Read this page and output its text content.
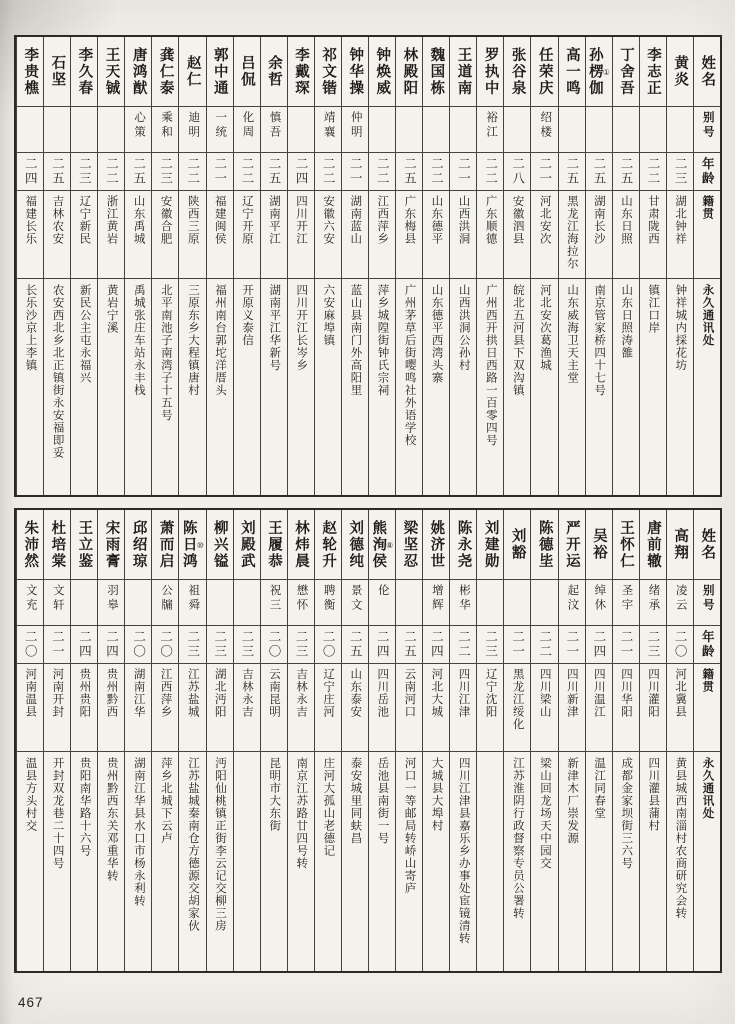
姓名
别号
年龄
籍贯
永久通讯处
黄炎
二三
湖北钟祥
钟祥城内採花坊
李志正
二二
甘肃陇西
镇江口岸
丁舍吾
二五
山东日照
山东日照涛雒
孙楞伽 ①
二五
湖南长沙
南京管家桥四十七号
高一鸣
二五
黑龙江海拉尔
山东威海卫天主堂
任荣庆
绍楼
二一
河北安次
河北安次葛渔城
张谷泉
二八
安徽泗县
皖北五河县下双沟镇
罗执中
裕江
二二
广东顺德
广州西开拱日西路一百零四号
王道南
二一
山西洪洞
山西洪洞公孙村
魏国栋
二二
山东德平
山东德平西湾头寨
林殿阳
二五
广东梅县
广州茅草后街嘤鸣社外语学校
钟焕威
二二
江西萍乡
萍乡城隍街钟氏宗祠
钟华操
仲明
二一
湖南蓝山
蓝山县南门外高阳里
祁文锴
靖襄
二二
安徽六安
六安麻埠镇
李戴琛
二四
四川开江
四川开江长岑乡
余哲
慎吾
二五
湖南平江
湖南平江华新号
吕侃
化周
二二
辽宁开原
开原义泰信
郭中通
一统
二一
福建闽侯
福州南台郭坨洋厝头
赵仁
迪明
二二
陕西三原
三原东乡大程镇唐村
龚仁泰
乘和
二三
安徽合肥
北平南池子南湾子十五号
唐鸿猷
心策
二五
山东禹城
禹城张庄车站永丰栈
王天铖
二二
浙江黄岩
黄岩宁溪
李久春
二三
辽宁新民
新民公主屯永福兴
石坚
二五
吉林农安
农安西北乡北正镇街永安福即妥
李贵樵
二四
福建长乐
长乐沙京上李镇
姓名
别号
年龄
籍贯
永久通讯处
高翔
凌云
二〇
河北冀县
黄县城西南淄村农商研究会转
唐前辙
绪承
二三
四川灌阳
四川灌县蒲村
王怀仁
圣宇
二一
四川华阳
成都金家坝街三六号
吴裕
绰休
二四
四川温江
温江同春堂
严开运
起汶
二一
四川新津
新津木厂崇发源
陈德坒
二二
四川梁山
梁山回龙场天中园交
刘豁
二一
黑龙江绥化
江苏淮阴行政督察专员公署转
刘建勋
二三
辽宁沈阳
陈永尧
彬华
二二
四川江津
四川江津县嘉乐乡办事处宦镜清转
姚济世
增辉
二四
河北大城
大城县大埠村
梁坚忍
二五
云南河口
河口一等邮局转峤山寄庐
熊洵侯 ⑧
伦
二四
四川岳池
岳池县南街一号
刘德纯
景文
二五
山东泰安
泰安城里同蚨昌
赵轮升
聘衡
二〇
辽宁庄河
庄河大孤山老德记
林炜晨
懋怀
二三
吉林永吉
南京江苏路廿四号转
王履恭
祝三
二〇
云南昆明
昆明市大东街
刘殿武
二三
吉林永吉
柳兴镒
二三
湖北沔阳
沔阳仙桃镇正街李云记交柳三房
陈日鸿 ⑩
祖舜
二三
江苏盐城
江苏盐城秦南仓方德源交胡家伙
萧而启
公牖
二〇
江西萍乡
萍乡北城下云卢
邱绍琼
二〇
湖南江华
湖南江华县水口市杨永利转
宋雨膏
羽皋
二四
贵州黔西
贵州黔西东关邓重华转
王立鉴
二四
贵州贵阳
贵阳南华路十六号
杜培棠
文轩
二一
河南开封
开封双龙巷二十四号
朱沛然
文充
二〇
河南温县
温县方头村交
467
